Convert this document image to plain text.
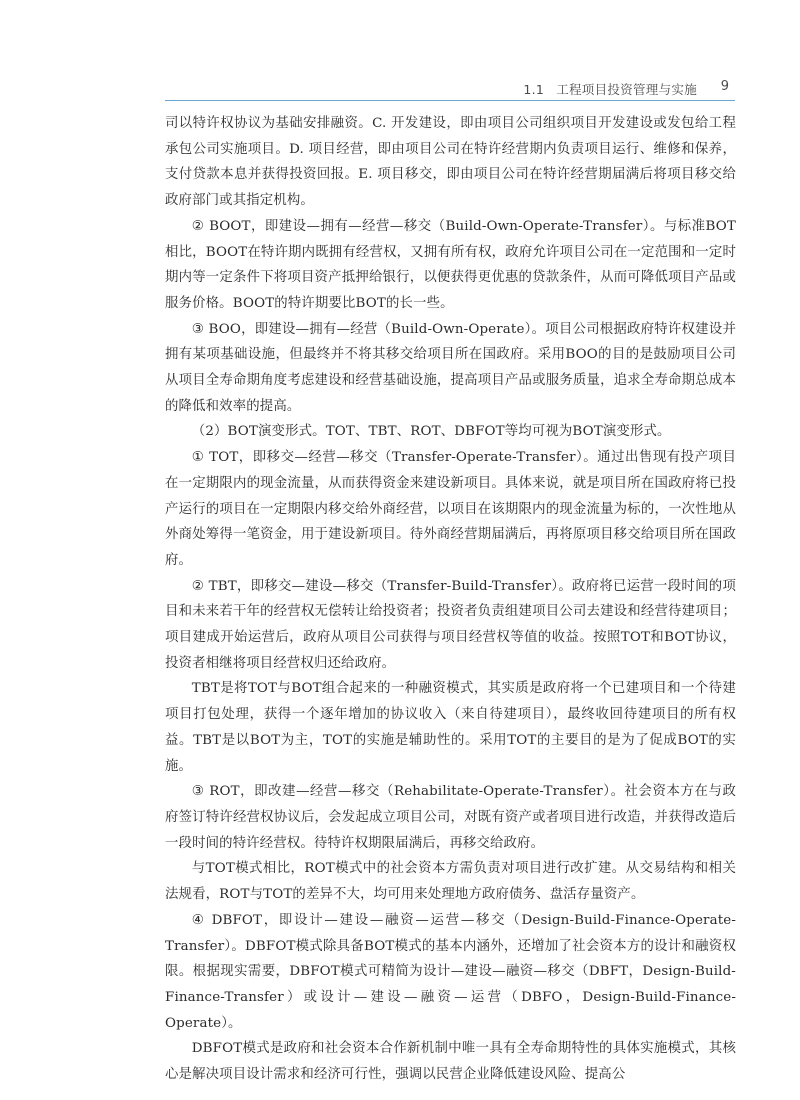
1.1 工程项目投资管理与实施 9

司以特许权协议为基础安排融资。C. 开发建设，即由项目公司组织项目开发建设或发包给工程承包公司实施项目。D. 项目经营，即由项目公司在特许经营期内负责项目运行、维修和保养，支付贷款本息并获得投资回报。E. 项目移交，即由项目公司在特许经营期届满后将项目移交给政府部门或其指定机构。

② BOOT，即建设—拥有—经营—移交（Build-Own-Operate-Transfer）。与标准BOT相比，BOOT在特许期内既拥有经营权，又拥有所有权，政府允许项目公司在一定范围和一定时期内等一定条件下将项目资产抵押给银行，以便获得更优惠的贷款条件，从而可降低项目产品或服务价格。BOOT的特许期要比BOT的长一些。

③ BOO，即建设—拥有—经营（Build-Own-Operate）。项目公司根据政府特许权建设并拥有某项基础设施，但最终并不将其移交给项目所在国政府。采用BOO的目的是鼓励项目公司从项目全寿命期角度考虑建设和经营基础设施，提高项目产品或服务质量，追求全寿命期总成本的降低和效率的提高。

（2）BOT演变形式。TOT、TBT、ROT、DBFOT等均可视为BOT演变形式。

① TOT，即移交—经营—移交（Transfer-Operate-Transfer）。通过出售现有投产项目在一定期限内的现金流量，从而获得资金来建设新项目。具体来说，就是项目所在国政府将已投产运行的项目在一定期限内移交给外商经营，以项目在该期限内的现金流量为标的，一次性地从外商处筹得一笔资金，用于建设新项目。待外商经营期届满后，再将原项目移交给项目所在国政府。

② TBT，即移交—建设—移交（Transfer-Build-Transfer）。政府将已运营一段时间的项目和未来若干年的经营权无偿转让给投资者；投资者负责组建项目公司去建设和经营待建项目；项目建成开始运营后，政府从项目公司获得与项目经营权等值的收益。按照TOT和BOT协议，投资者相继将项目经营权归还给政府。

TBT是将TOT与BOT组合起来的一种融资模式，其实质是政府将一个已建项目和一个待建项目打包处理，获得一个逐年增加的协议收入（来自待建项目），最终收回待建项目的所有权益。TBT是以BOT为主，TOT的实施是辅助性的。采用TOT的主要目的是为了促成BOT的实施。

③ ROT，即改建—经营—移交（Rehabilitate-Operate-Transfer）。社会资本方在与政府签订特许经营权协议后，会发起成立项目公司，对既有资产或者项目进行改造，并获得改造后一段时间的特许经营权。待特许权期限届满后，再移交给政府。

与TOT模式相比，ROT模式中的社会资本方需负责对项目进行改扩建。从交易结构和相关法规看，ROT与TOT的差异不大，均可用来处理地方政府债务、盘活存量资产。

④ DBFOT，即设计—建设—融资—运营—移交（Design-Build-Finance-Operate-Transfer）。DBFOT模式除具备BOT模式的基本内涵外，还增加了社会资本方的设计和融资权限。根据现实需要，DBFOT模式可精简为设计—建设—融资—移交（DBFT，Design-Build-Finance-Transfer）或设计—建设—融资—运营（DBFO，Design-Build-Finance-Operate）。

DBFOT模式是政府和社会资本合作新机制中唯一具有全寿命期特性的具体实施模式，其核心是解决项目设计需求和经济可行性，强调以民营企业降低建设风险、提高公
